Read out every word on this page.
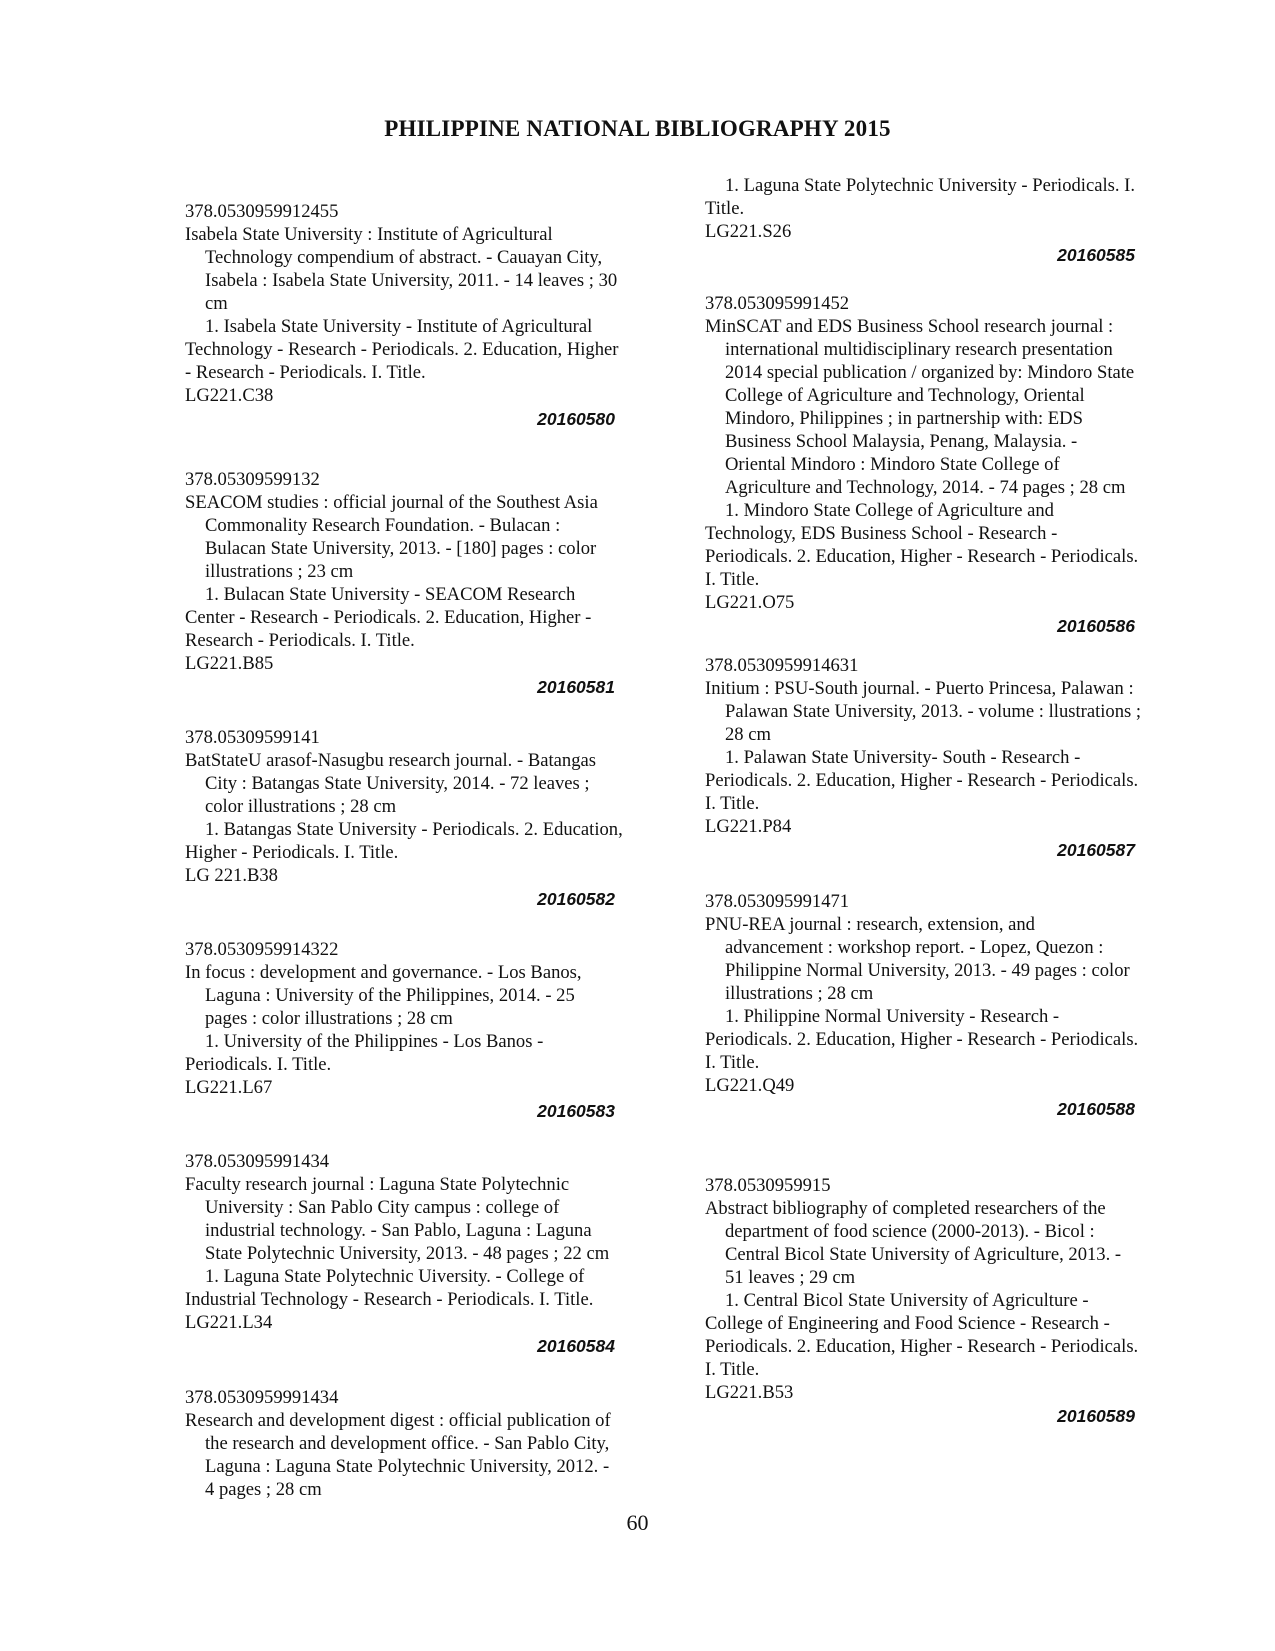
PHILIPPINE NATIONAL BIBLIOGRAPHY 2015
378.0530959912455
Isabela State University : Institute of Agricultural
Technology compendium of abstract. - Cauayan City,
Isabela : Isabela State University, 2011. - 14 leaves ; 30
cm
1. Isabela State University - Institute of Agricultural
Technology - Research - Periodicals. 2. Education, Higher
- Research - Periodicals. I. Title.
LG221.C38
20160580
378.05309599132
SEACOM studies : official journal of the Southest Asia
Commonality Research Foundation. - Bulacan :
Bulacan State University, 2013. - [180] pages : color
illustrations ; 23 cm
1. Bulacan State University - SEACOM Research
Center - Research - Periodicals. 2. Education, Higher -
Research - Periodicals. I. Title.
LG221.B85
20160581
378.05309599141
BatStateU arasof-Nasugbu research journal. - Batangas
City : Batangas State University, 2014. - 72 leaves ;
color illustrations ; 28 cm
1. Batangas State University - Periodicals. 2. Education,
Higher - Periodicals. I. Title.
LG 221.B38
20160582
378.0530959914322
In focus : development and governance. - Los Banos,
Laguna : University of the Philippines, 2014. - 25
pages : color illustrations ; 28 cm
1. University of the Philippines - Los Banos -
Periodicals. I. Title.
LG221.L67
20160583
378.053095991434
Faculty research journal : Laguna State Polytechnic
University : San Pablo City campus : college of
industrial technology. - San Pablo, Laguna : Laguna
State Polytechnic University, 2013. - 48 pages ; 22 cm
1. Laguna State Polytechnic Uiversity. - College of
Industrial Technology - Research - Periodicals. I. Title.
LG221.L34
20160584
378.0530959991434
Research and development digest : official publication of
the research and development office. - San Pablo City,
Laguna : Laguna State Polytechnic University, 2012. -
4 pages ; 28 cm
1. Laguna State Polytechnic University - Periodicals. I.
Title.
LG221.S26
20160585
378.053095991452
MinSCAT and EDS Business School research journal :
international multidisciplinary research presentation
2014 special publication / organized by: Mindoro State
College of Agriculture and Technology, Oriental
Mindoro, Philippines ; in partnership with: EDS
Business School Malaysia, Penang, Malaysia. -
Oriental Mindoro : Mindoro State College of
Agriculture and Technology, 2014. - 74 pages ; 28 cm
1. Mindoro State College of Agriculture and
Technology, EDS Business School - Research -
Periodicals. 2. Education, Higher - Research - Periodicals.
I. Title.
LG221.O75
20160586
378.0530959914631
Initium : PSU-South journal. - Puerto Princesa, Palawan :
Palawan State University, 2013. - volume : llustrations ;
28 cm
1. Palawan State University- South - Research -
Periodicals. 2. Education, Higher - Research - Periodicals.
I. Title.
LG221.P84
20160587
378.053095991471
PNU-REA journal : research, extension, and
advancement : workshop report. - Lopez, Quezon :
Philippine Normal University, 2013. - 49 pages : color
illustrations ; 28 cm
1. Philippine Normal University - Research -
Periodicals. 2. Education, Higher - Research - Periodicals.
I. Title.
LG221.Q49
20160588
378.0530959915
Abstract bibliography of completed researchers of the
department of food science (2000-2013). - Bicol :
Central Bicol State University of Agriculture, 2013. -
51 leaves ; 29 cm
1. Central Bicol State University of Agriculture -
College of Engineering and Food Science - Research -
Periodicals. 2. Education, Higher - Research - Periodicals.
I. Title.
LG221.B53
20160589
60
